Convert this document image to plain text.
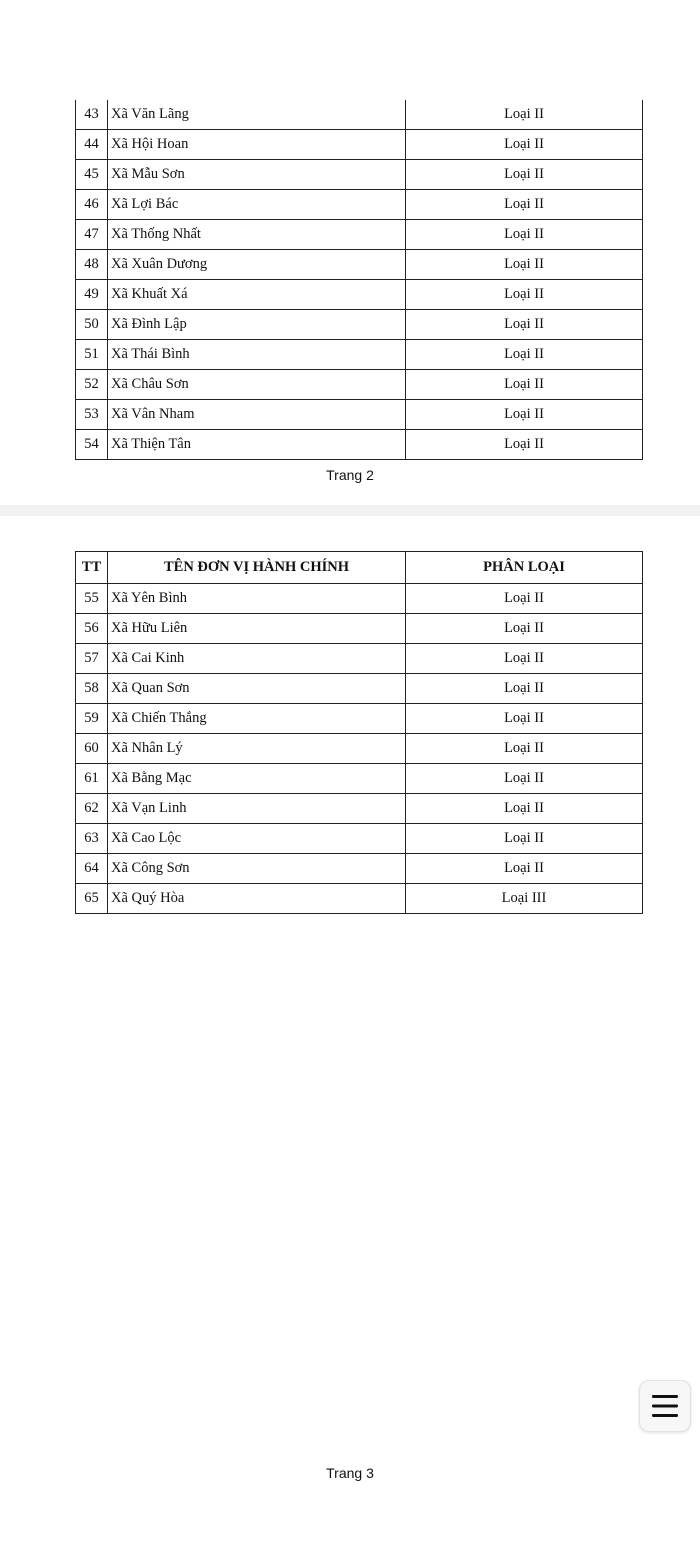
43	Xã Văn Lãng	Loại II
44	Xã Hội Hoan	Loại II
45	Xã Mẫu Sơn	Loại II
46	Xã Lợi Bác	Loại II
47	Xã Thống Nhất	Loại II
48	Xã Xuân Dương	Loại II
49	Xã Khuất Xá	Loại II
50	Xã Đình Lập	Loại II
51	Xã Thái Bình	Loại II
52	Xã Châu Sơn	Loại II
53	Xã Vân Nham	Loại II
54	Xã Thiện Tân	Loại II
Trang 2
TT	TÊN ĐƠN VỊ HÀNH CHÍNH	PHÂN LOẠI
55	Xã Yên Bình	Loại II
56	Xã Hữu Liên	Loại II
57	Xã Cai Kinh	Loại II
58	Xã Quan Sơn	Loại II
59	Xã Chiến Thắng	Loại II
60	Xã Nhân Lý	Loại II
61	Xã Bằng Mạc	Loại II
62	Xã Vạn Linh	Loại II
63	Xã Cao Lộc	Loại II
64	Xã Công Sơn	Loại II
65	Xã Quý Hòa	Loại III
Trang 3
